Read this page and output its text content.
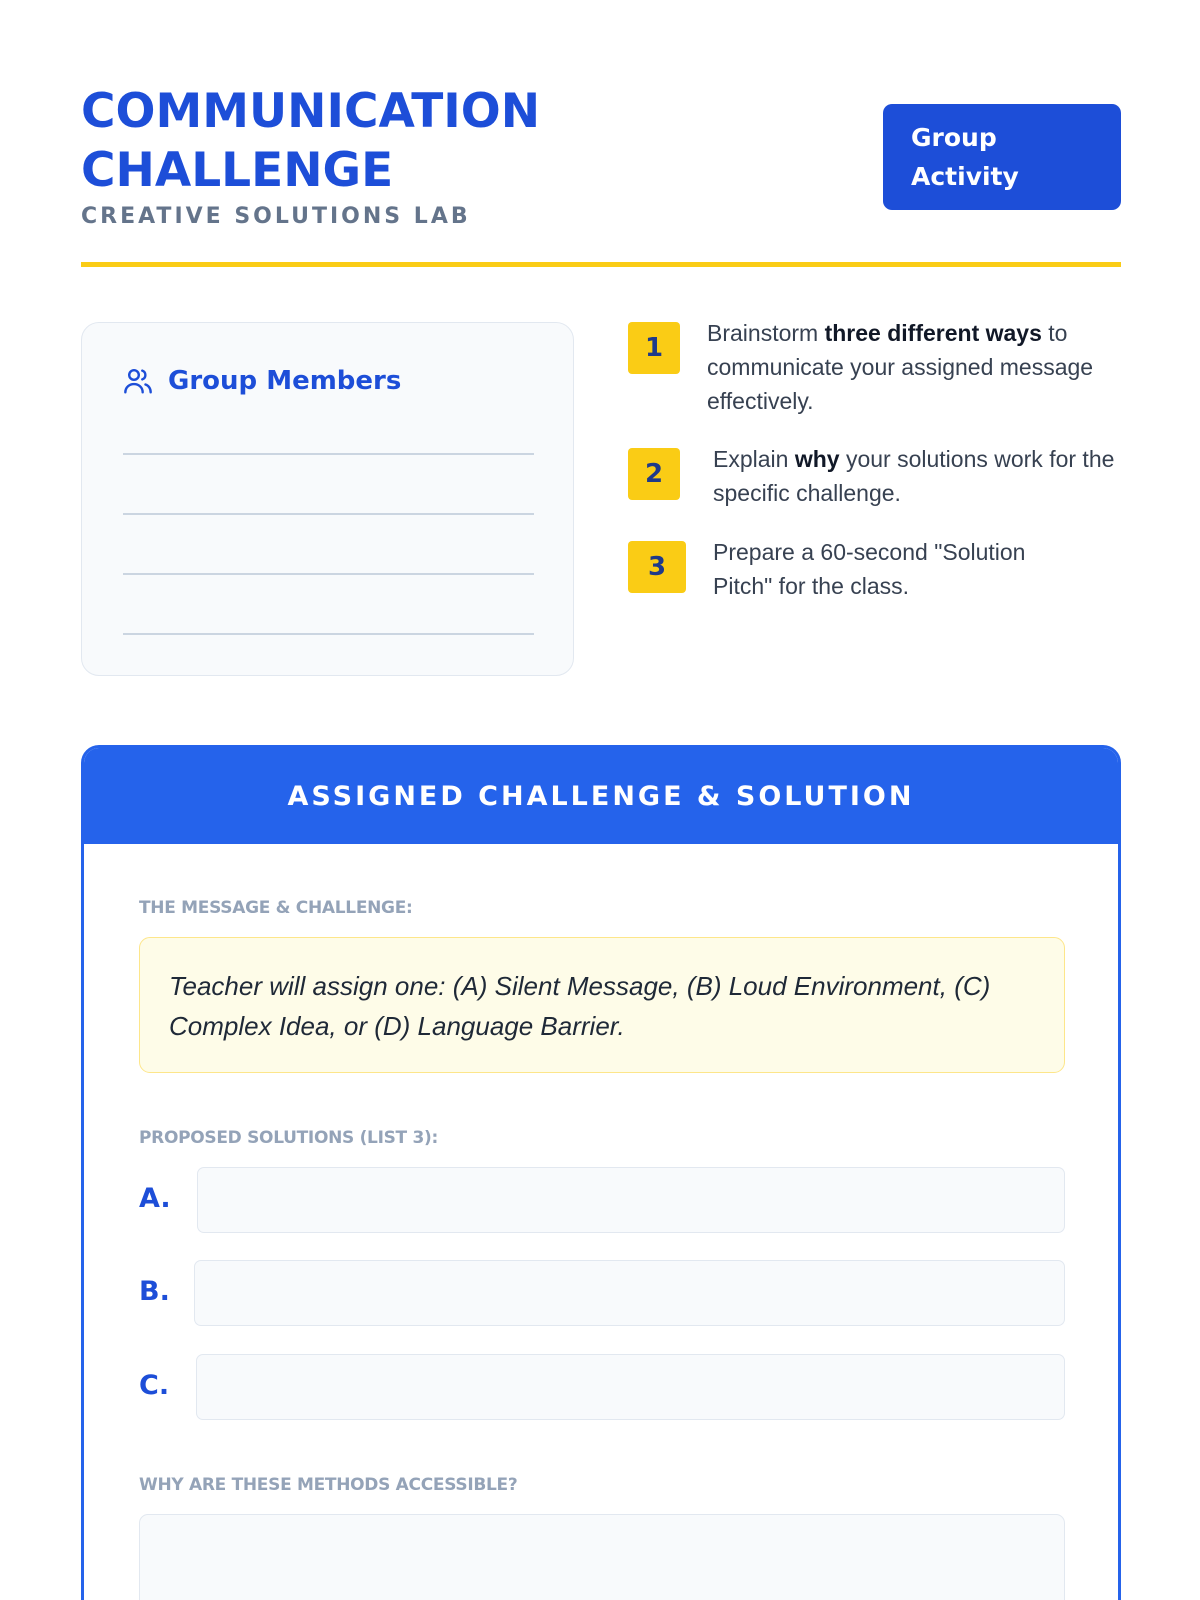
COMMUNICATION
CHALLENGE
CREATIVE SOLUTIONS LAB
Group
Activity
Group Members
1	Brainstorm three different ways to communicate your assigned message effectively.
2	Explain why your solutions work for the specific challenge.
3	Prepare a 60-second "Solution Pitch" for the class.
ASSIGNED CHALLENGE & SOLUTION
THE MESSAGE & CHALLENGE:
Teacher will assign one: (A) Silent Message, (B) Loud Environment, (C) Complex Idea, or (D) Language Barrier.
PROPOSED SOLUTIONS (LIST 3):
A.
B.
C.
WHY ARE THESE METHODS ACCESSIBLE?
